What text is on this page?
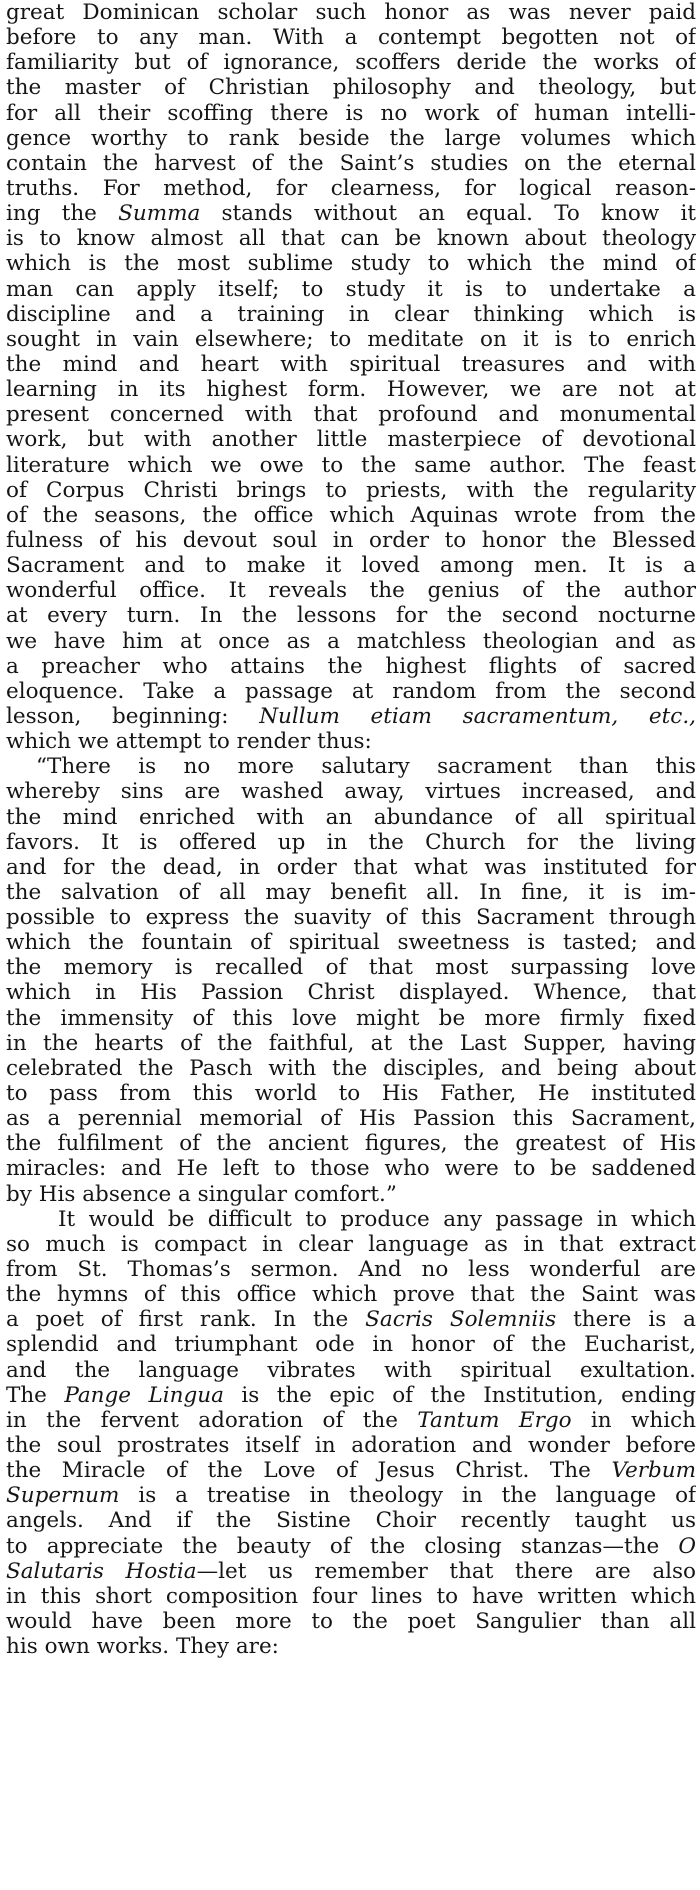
great Dominican scholar such honor as was never paid
before to any man. With a contempt begotten not of
familiarity but of ignorance, scoffers deride the works of
the master of Christian philosophy and theology, but
for all their scoffing there is no work of human intelli-
gence worthy to rank beside the large volumes which
contain the harvest of the Saint’s studies on the eternal
truths. For method, for clearness, for logical reason-
ing the Summa stands without an equal. To know it
is to know almost all that can be known about theology
which is the most sublime study to which the mind of
man can apply itself; to study it is to undertake a
discipline and a training in clear thinking which is
sought in vain elsewhere; to meditate on it is to enrich
the mind and heart with spiritual treasures and with
learning in its highest form. However, we are not at
present concerned with that profound and monumental
work, but with another little masterpiece of devotional
literature which we owe to the same author. The feast
of Corpus Christi brings to priests, with the regularity
of the seasons, the office which Aquinas wrote from the
fulness of his devout soul in order to honor the Blessed
Sacrament and to make it loved among men. It is a
wonderful office. It reveals the genius of the author
at every turn. In the lessons for the second nocturne
we have him at once as a matchless theologian and as
a preacher who attains the highest flights of sacred
eloquence. Take a passage at random from the second
lesson, beginning: Nullum etiam sacramentum, etc.,
which we attempt to render thus:
“There is no more salutary sacrament than this
whereby sins are washed away, virtues increased, and
the mind enriched with an abundance of all spiritual
favors. It is offered up in the Church for the living
and for the dead, in order that what was instituted for
the salvation of all may benefit all. In fine, it is im-
possible to express the suavity of this Sacrament through
which the fountain of spiritual sweetness is tasted; and
the memory is recalled of that most surpassing love
which in His Passion Christ displayed. Whence, that
the immensity of this love might be more firmly fixed
in the hearts of the faithful, at the Last Supper, having
celebrated the Pasch with the disciples, and being about
to pass from this world to His Father, He instituted
as a perennial memorial of His Passion this Sacrament,
the fulfilment of the ancient figures, the greatest of His
miracles: and He left to those who were to be saddened
by His absence a singular comfort.”
It would be difficult to produce any passage in which
so much is compact in clear language as in that extract
from St. Thomas’s sermon. And no less wonderful are
the hymns of this office which prove that the Saint was
a poet of first rank. In the Sacris Solemniis there is a
splendid and triumphant ode in honor of the Eucharist,
and the language vibrates with spiritual exultation.
The Pange Lingua is the epic of the Institution, ending
in the fervent adoration of the Tantum Ergo in which
the soul prostrates itself in adoration and wonder before
the Miracle of the Love of Jesus Christ. The Verbum
Supernum is a treatise in theology in the language of
angels. And if the Sistine Choir recently taught us
to appreciate the beauty of the closing stanzas—the O
Salutaris Hostia—let us remember that there are also
in this short composition four lines to have written which
would have been more to the poet Sangulier than all
his own works. They are:
